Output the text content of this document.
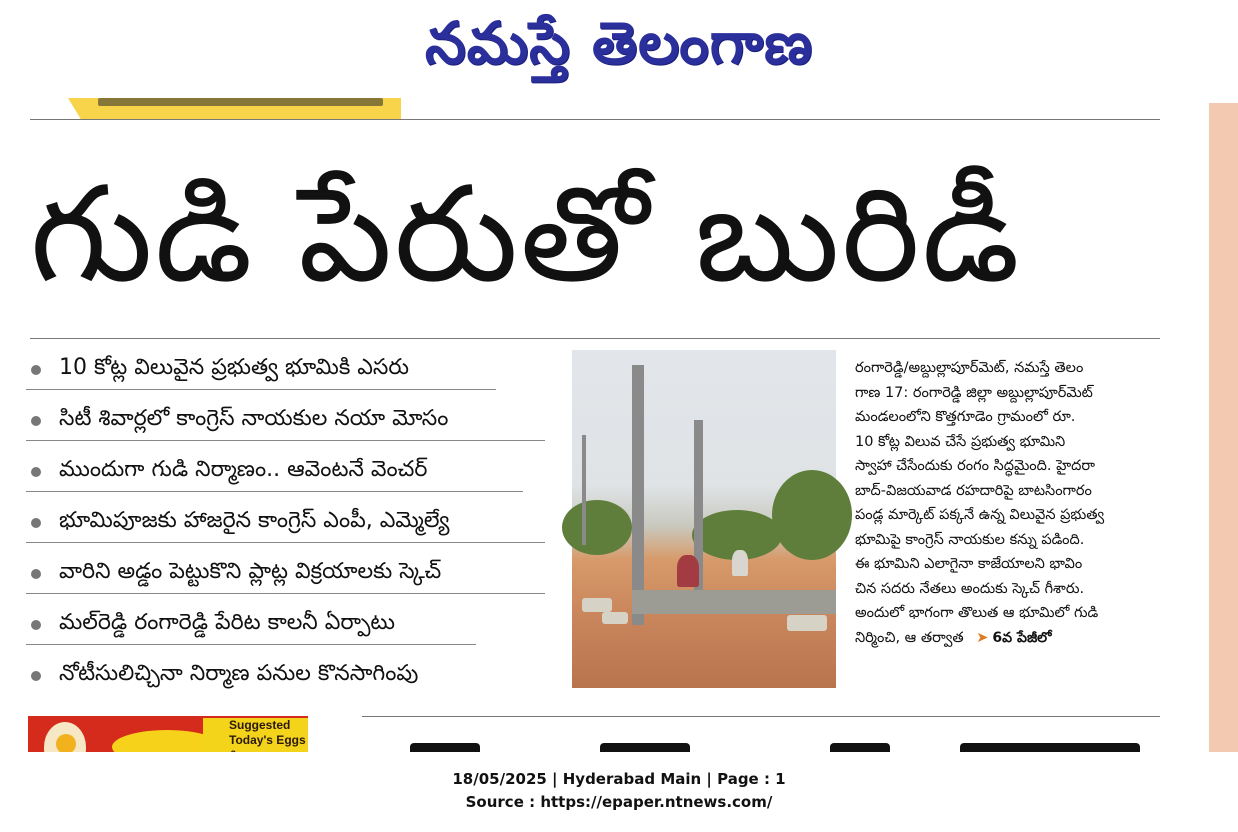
నమస్తే తెలంగాణ
గుడి పేరుతో బురిడీ
10 కోట్ల విలువైన ప్రభుత్వ భూమికి ఎసరు
సిటీ శివార్లలో కాంగ్రెస్ నాయకుల నయా మోసం
ముందుగా గుడి నిర్మాణం.. ఆవెంటనే వెంచర్
భూమిపూజకు హాజరైన కాంగ్రెస్ ఎంపీ, ఎమ్మెల్యే
వారిని అడ్డం పెట్టుకొని ప్లాట్ల విక్రయాలకు స్కెచ్
మల్‌రెడ్డి రంగారెడ్డి పేరిట కాలనీ ఏర్పాటు
నోటీసులిచ్చినా నిర్మాణ పనుల కొనసాగింపు

రంగారెడ్డి/అబ్దుల్లాపూర్‌మెట్, నమస్తే తెలం

గాణ 17: రంగారెడ్డి జిల్లా అబ్దుల్లాపూర్‌మెట్

మండలంలోని కొత్తగూడెం గ్రామంలో రూ.

10 కోట్ల విలువ చేసే ప్రభుత్వ భూమిని

స్వాహా చేసేందుకు రంగం సిద్ధమైంది. హైదరా

బాద్-విజయవాడ రహదారిపై బాటసింగారం

పండ్ల మార్కెట్ పక్కనే ఉన్న విలువైన ప్రభుత్వ

భూమిపై కాంగ్రెస్ నాయకుల కన్ను పడింది.

ఈ భూమిని ఎలాగైనా కాజేయాలని భావిం

చిన సదరు నేతలు అందుకు స్కెచ్ గీశారు.

అందులో భాగంగా తొలుత ఆ భూమిలో గుడి

నిర్మించి, ఆ తర్వాత ➤ 6వ పేజీలో

Suggested Today's Eggs
18/05/2025 | Hyderabad Main | Page : 1
Source : https://epaper.ntnews.com/
